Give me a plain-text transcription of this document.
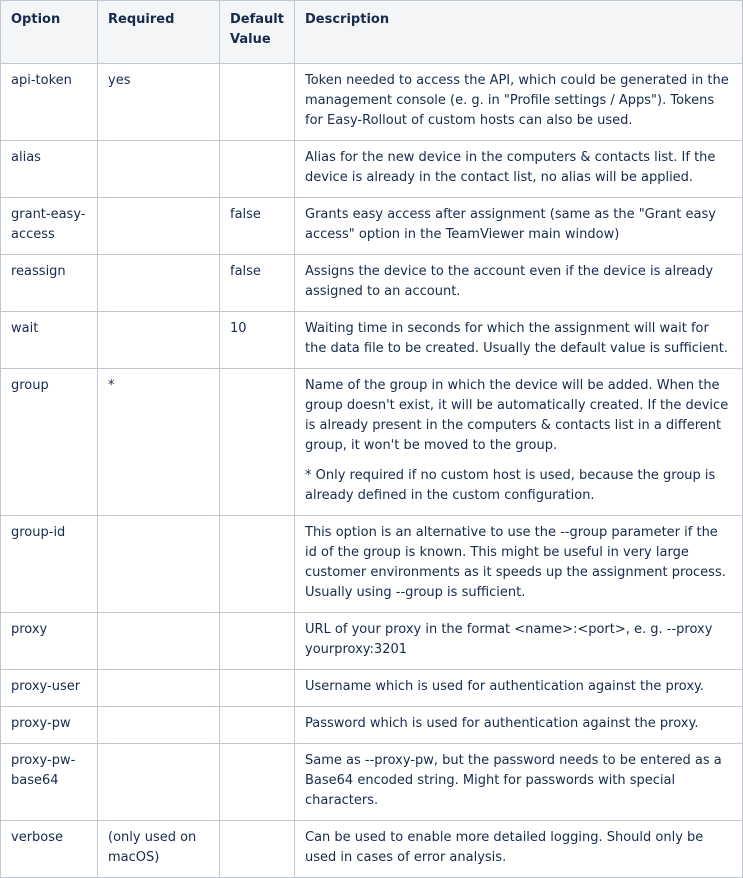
Option	Required	Default Value	Description
api-token	yes		Token needed to access the API, which could be generated in the management console (e. g. in "Profile settings / Apps"). Tokens for Easy-Rollout of custom hosts can also be used.

alias			Alias for the new device in the computers & contacts list. If the device is already in the contact list, no alias will be applied.

grant-easy-access		false	Grants easy access after assignment (same as the "Grant easy access" option in the TeamViewer main window)

reassign		false	Assigns the device to the account even if the device is already assigned to an account.

wait		10	Waiting time in seconds for which the assignment will wait for the data file to be created. Usually the default value is sufficient.

group	*		Name of the group in which the device will be added. When the group doesn't exist, it will be automatically created. If the device is already present in the computers & contacts list in a different group, it won't be moved to the group.

* Only required if no custom host is used, because the group is already defined in the custom configuration.

group-id			This option is an alternative to use the --group parameter if the id of the group is known. This might be useful in very large customer environments as it speeds up the assignment process. Usually using --group is sufficient.

proxy			URL of your proxy in the format <name>:<port>, e. g. --proxy yourproxy:3201

proxy-user			Username which is used for authentication against the proxy.

proxy-pw			Password which is used for authentication against the proxy.

proxy-pw-base64			Same as --proxy-pw, but the password needs to be entered as a Base64 encoded string. Might for passwords with special characters.

verbose	(only used on macOS)		Can be used to enable more detailed logging. Should only be used in cases of error analysis.
